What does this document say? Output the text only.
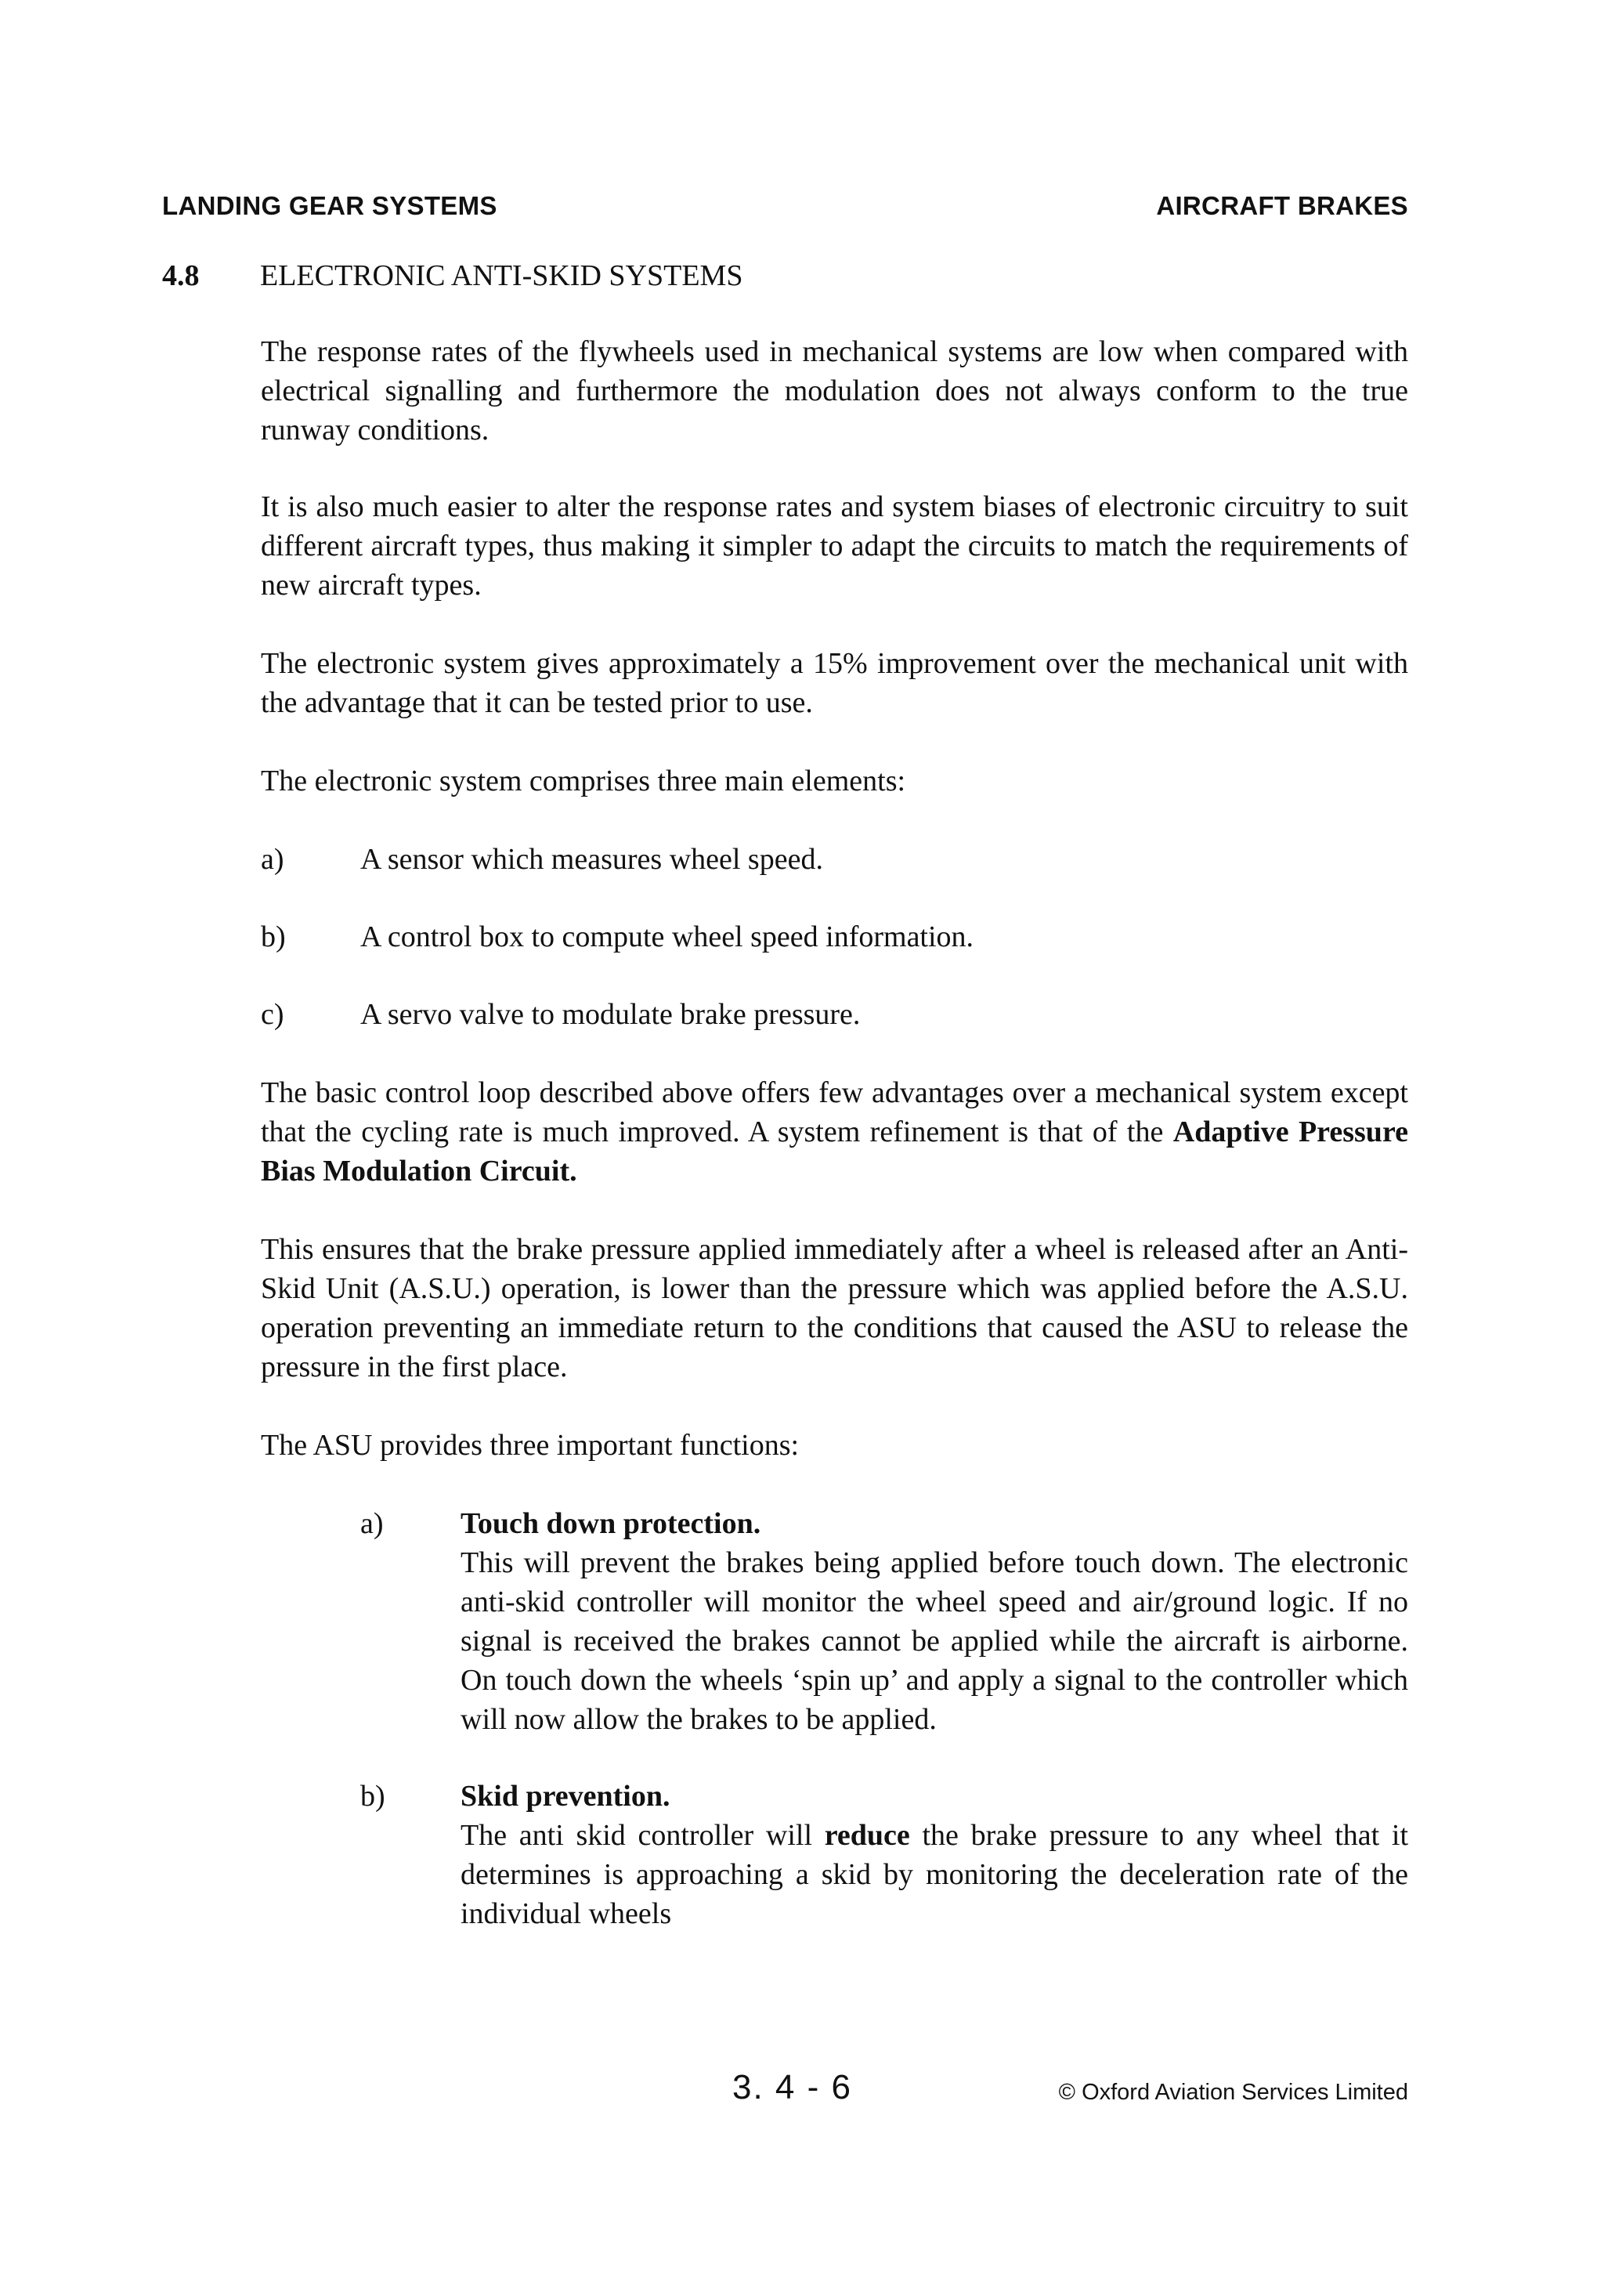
LANDING GEAR SYSTEMS	AIRCRAFT BRAKES
4.8 ELECTRONIC ANTI-SKID SYSTEMS

The response rates of the flywheels used in mechanical systems are low when compared with electrical signalling and furthermore the modulation does not always conform to the true runway conditions.

It is also much easier to alter the response rates and system biases of electronic circuitry to suit different aircraft types, thus making it simpler to adapt the circuits to match the requirements of new aircraft types.

The electronic system gives approximately a 15% improvement over the mechanical unit with the advantage that it can be tested prior to use.

The electronic system comprises three main elements:

a)	A sensor which measures wheel speed.
b)	A control box to compute wheel speed information.
c)	A servo valve to modulate brake pressure.

The basic control loop described above offers few advantages over a mechanical system except that the cycling rate is much improved. A system refinement is that of the Adaptive Pressure Bias Modulation Circuit.

This ensures that the brake pressure applied immediately after a wheel is released after an Anti-Skid Unit (A.S.U.) operation, is lower than the pressure which was applied before the A.S.U. operation preventing an immediate return to the conditions that caused the ASU to release the pressure in the first place.

The ASU provides three important functions:

a)	Touch down protection.
This will prevent the brakes being applied before touch down. The electronic anti-skid controller will monitor the wheel speed and air/ground logic. If no signal is received the brakes cannot be applied while the aircraft is airborne. On touch down the wheels ‘spin up’ and apply a signal to the controller which will now allow the brakes to be applied.
b)	Skid prevention.
The anti skid controller will reduce the brake pressure to any wheel that it determines is approaching a skid by monitoring the deceleration rate of the individual wheels
3. 4 - 6	© Oxford Aviation Services Limited
